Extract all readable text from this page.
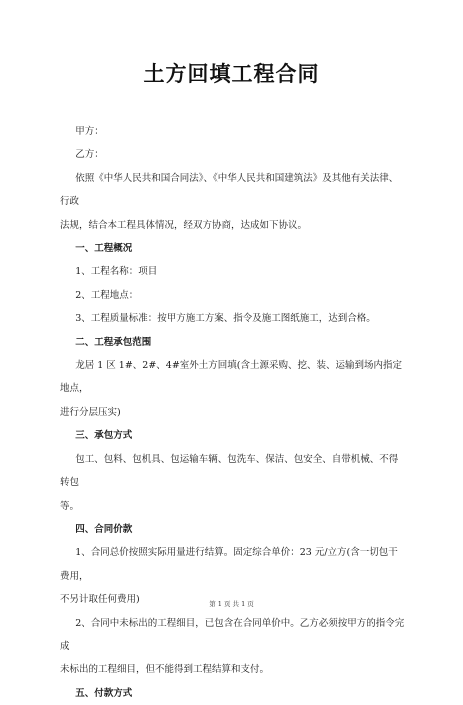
土方回填工程合同

甲方：

乙方：

依照《中华人民共和国合同法》、《中华人民共和国建筑法》及其他有关法律、行政

法规，结合本工程具体情况，经双方协商，达成如下协议。

一、工程概况

1、工程名称：项目

2、工程地点：

3、工程质量标准：按甲方施工方案、指令及施工图纸施工，达到合格。

二、工程承包范围

龙居 1 区 1#、2#、4#室外土方回填(含土源采购、挖、装、运输到场内指定地点，

进行分层压实)

三、承包方式

包工、包料、包机具、包运输车辆、包洗车、保洁、包安全、自带机械、不得转包

等。

四、合同价款

1、合同总价按照实际用量进行结算。固定综合单价：23 元/立方(含一切包干费用，

不另计取任何费用)

2、合同中未标出的工程细目，已包含在合同单价中。乙方必须按甲方的指令完成

未标出的工程细目，但不能得到工程结算和支付。

五、付款方式

第 1 页 共 1 页
